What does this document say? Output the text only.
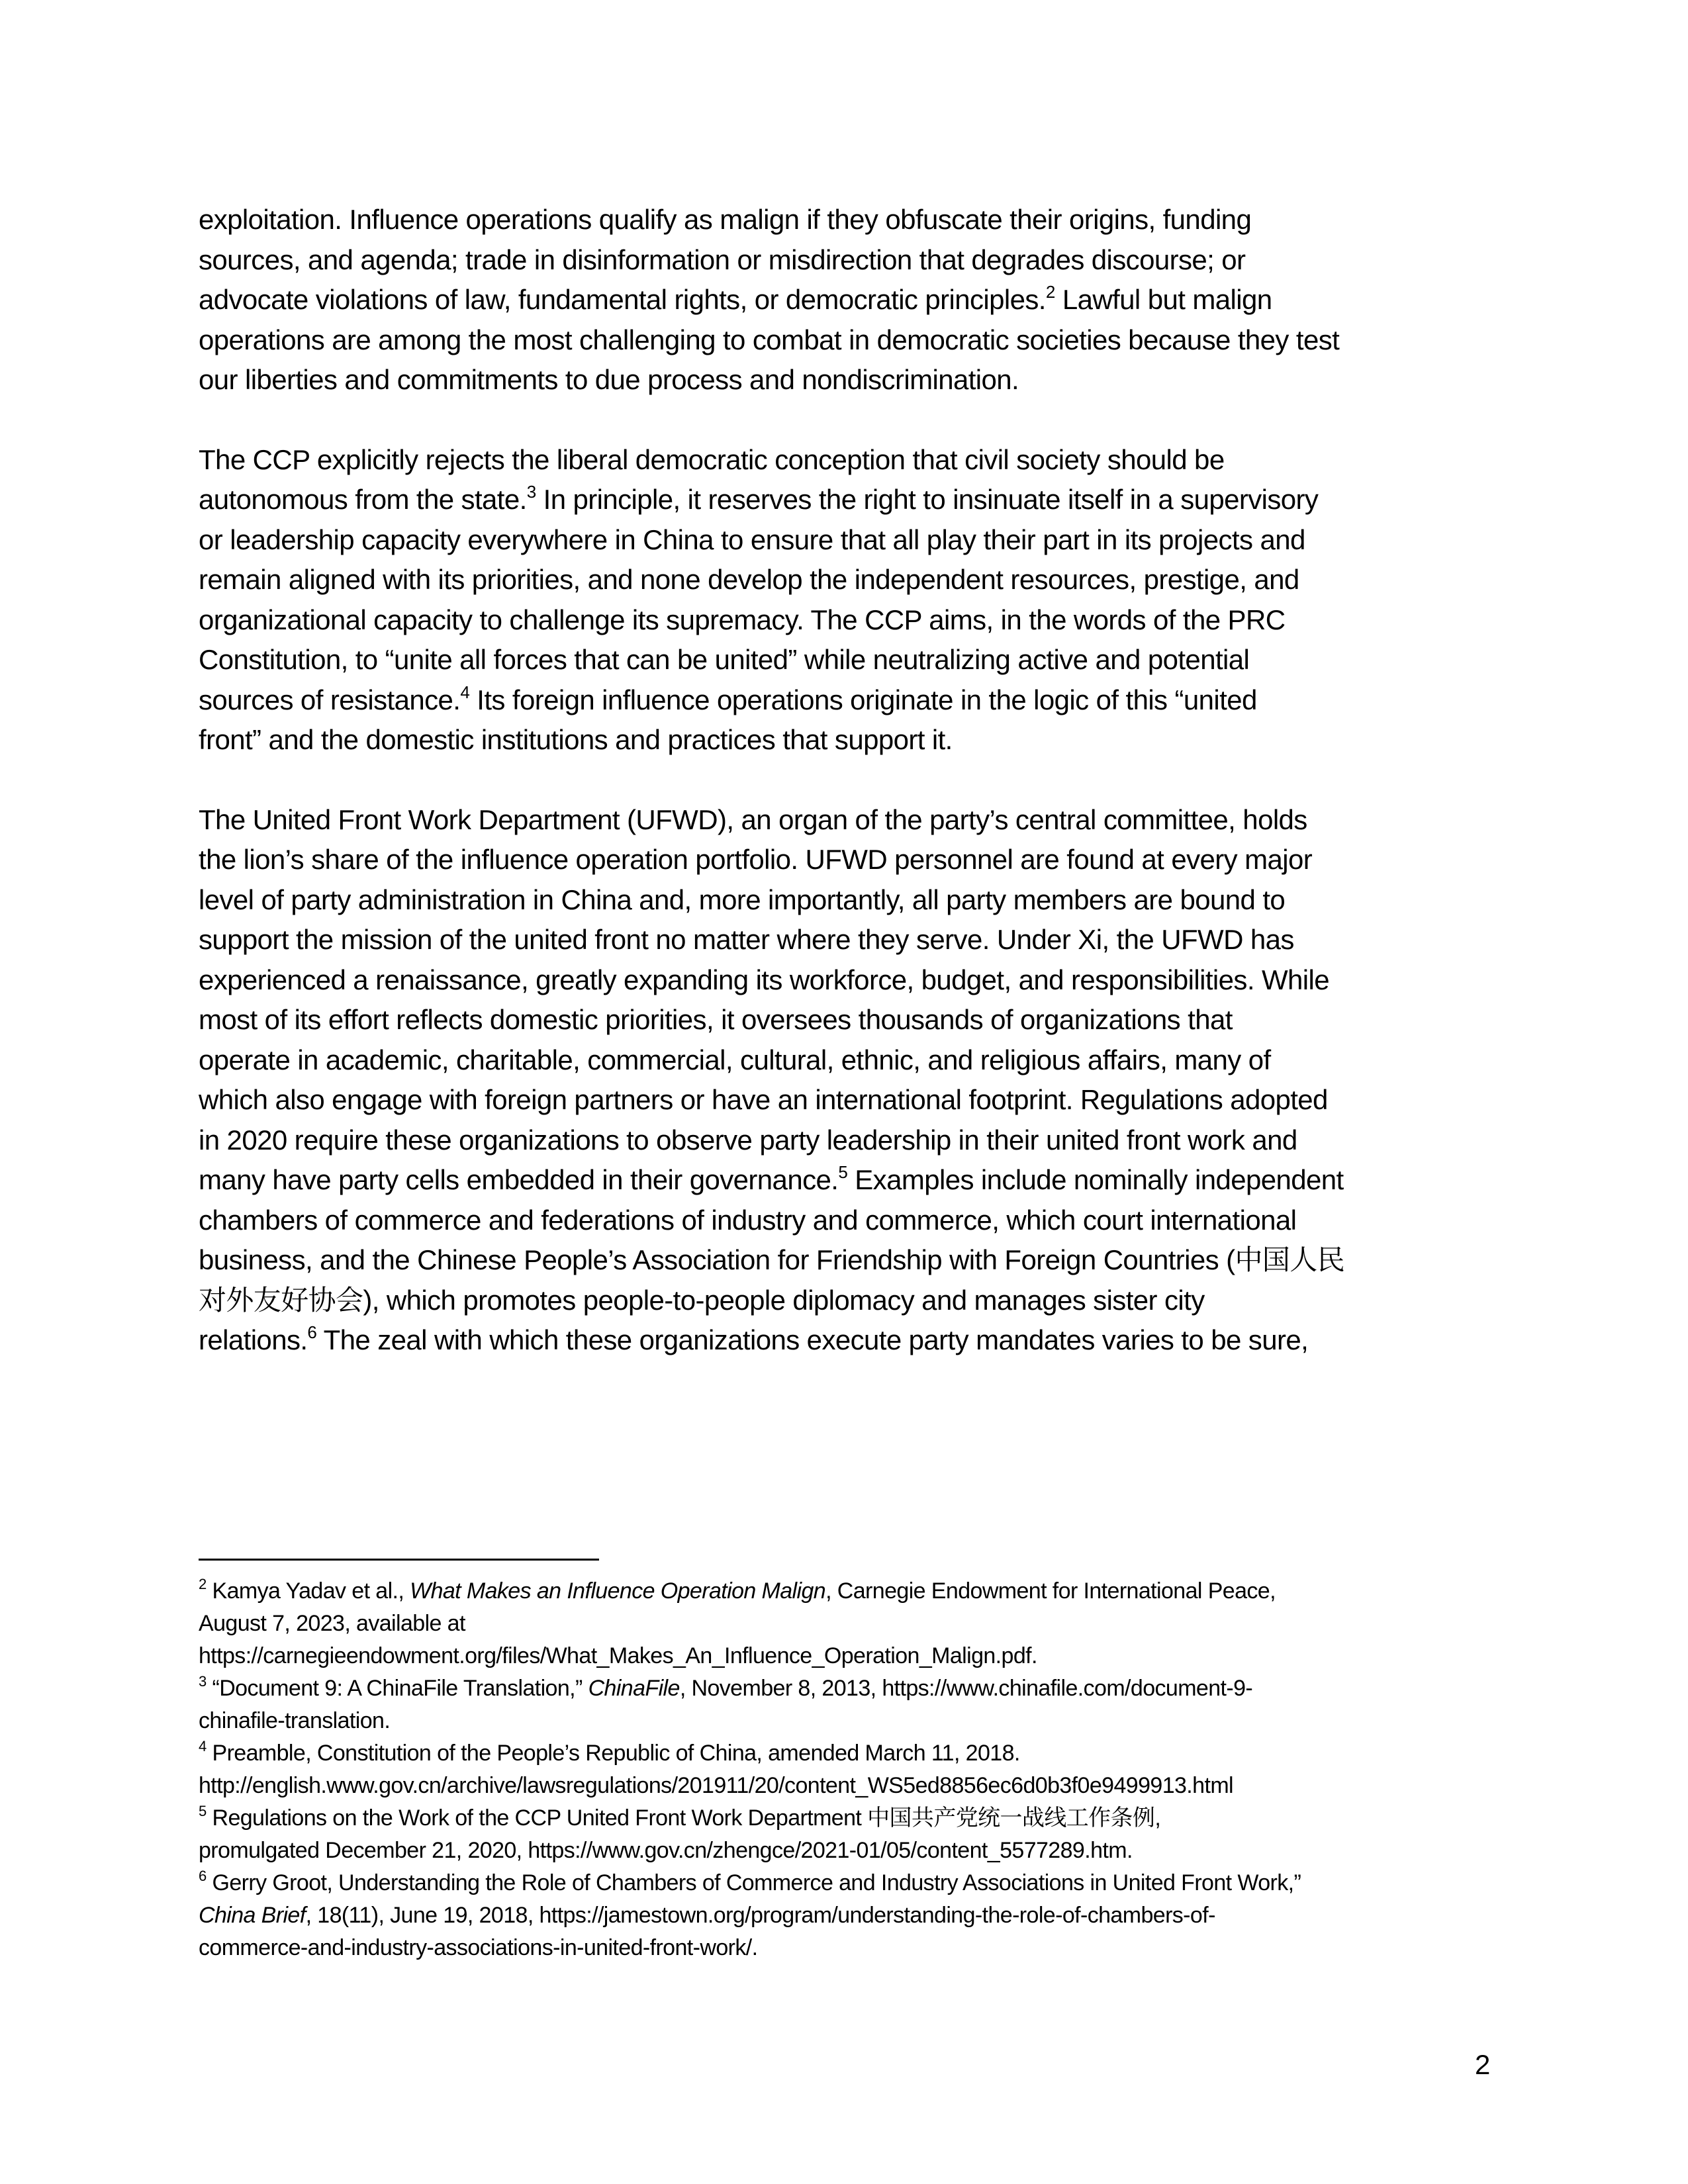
exploitation. Influence operations qualify as malign if they obfuscate their origins, funding
sources, and agenda; trade in disinformation or misdirection that degrades discourse; or
advocate violations of law, fundamental rights, or democratic principles.$^2$ Lawful but malign
operations are among the most challenging to combat in democratic societies because they test
our liberties and commitments to due process and nondiscrimination.
The CCP explicitly rejects the liberal democratic conception that civil society should be
autonomous from the state.$^3$ In principle, it reserves the right to insinuate itself in a supervisory
or leadership capacity everywhere in China to ensure that all play their part in its projects and
remain aligned with its priorities, and none develop the independent resources, prestige, and
organizational capacity to challenge its supremacy. The CCP aims, in the words of the PRC
Constitution, to “unite all forces that can be united” while neutralizing active and potential
sources of resistance.$^4$ Its foreign influence operations originate in the logic of this “united
front” and the domestic institutions and practices that support it.
The United Front Work Department (UFWD), an organ of the party’s central committee, holds
the lion’s share of the influence operation portfolio. UFWD personnel are found at every major
level of party administration in China and, more importantly, all party members are bound to
support the mission of the united front no matter where they serve. Under Xi, the UFWD has
experienced a renaissance, greatly expanding its workforce, budget, and responsibilities. While
most of its effort reflects domestic priorities, it oversees thousands of organizations that
operate in academic, charitable, commercial, cultural, ethnic, and religious affairs, many of
which also engage with foreign partners or have an international footprint. Regulations adopted
in 2020 require these organizations to observe party leadership in their united front work and
many have party cells embedded in their governance.$^5$ Examples include nominally independent
chambers of commerce and federations of industry and commerce, which court international
business, and the Chinese People’s Association for Friendship with Foreign Countries (中国人民
对外友好协会), which promotes people-to-people diplomacy and manages sister city
relations.$^6$ The zeal with which these organizations execute party mandates varies to be sure,
$^2$ Kamya Yadav et al., What Makes an Influence Operation Malign, Carnegie Endowment for International Peace,
August 7, 2023, available at
https://carnegieendowment.org/files/What_Makes_An_Influence_Operation_Malign.pdf.
$^3$ “Document 9: A ChinaFile Translation,” ChinaFile, November 8, 2013, https://www.chinafile.com/document-9-
chinafile-translation.
$^4$ Preamble, Constitution of the People’s Republic of China, amended March 11, 2018.
http://english.www.gov.cn/archive/lawsregulations/201911/20/content_WS5ed8856ec6d0b3f0e9499913.html
$^5$ Regulations on the Work of the CCP United Front Work Department 中国共产党统一战线工作条例,
promulgated December 21, 2020, https://www.gov.cn/zhengce/2021-01/05/content_5577289.htm.
$^6$ Gerry Groot, Understanding the Role of Chambers of Commerce and Industry Associations in United Front Work,”
China Brief, 18(11), June 19, 2018, https://jamestown.org/program/understanding-the-role-of-chambers-of-
commerce-and-industry-associations-in-united-front-work/.
2
